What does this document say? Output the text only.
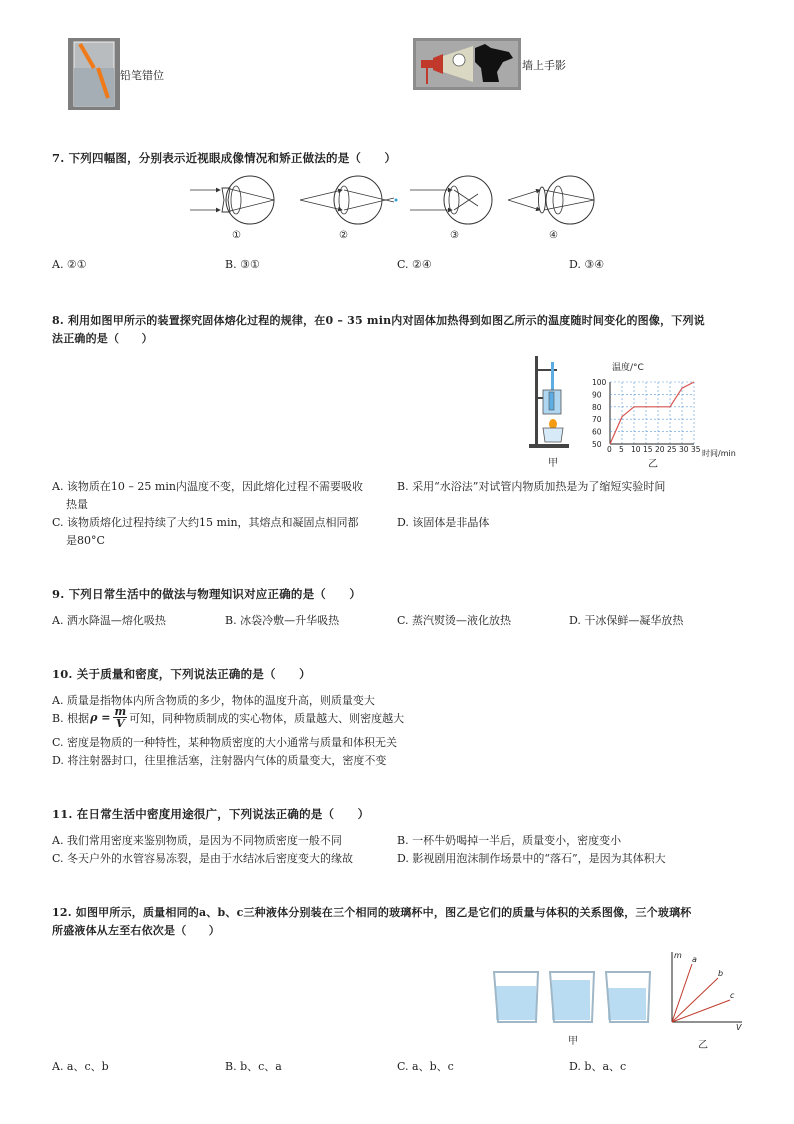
铅笔错位
墙上手影
7. 下列四幅图，分别表示近视眼成像情况和矫正做法的是（　　）
①	②	③	④
A. ②①	B. ③①	C. ②④	D. ③④
8. 利用如图甲所示的装置探究固体熔化过程的规律，在0 – 35 min内对固体加热得到如图乙所示的温度随时间变化的图像，下列说
法正确的是（　　）
甲
温度/°C
时间/min
0 5 10 15 20 25 30 35
50
60
70
80
90
100
乙
A. 该物质在10 – 25 min内温度不变，因此熔化过程不需要吸收
热量
B. 采用“水浴法”对试管内物质加热是为了缩短实验时间
C. 该物质熔化过程持续了大约15 min，其熔点和凝固点相同都
是80°C
D. 该固体是非晶体
9. 下列日常生活中的做法与物理知识对应正确的是（　　）
A. 洒水降温—熔化吸热	B. 冰袋冷敷—升华吸热	C. 蒸汽熨烫—液化放热	D. 干冰保鲜—凝华放热
10. 关于质量和密度，下列说法正确的是（　　）
A. 质量是指物体内所含物质的多少，物体的温度升高，则质量变大
B. 根据 $\rho = \frac{m}{V}$ 可知，同种物质制成的实心物体，质量越大、则密度越大
C. 密度是物质的一种特性，某种物质密度的大小通常与质量和体积无关
D. 将注射器封口，往里推活塞，注射器内气体的质量变大，密度不变
11. 在日常生活中密度用途很广，下列说法正确的是（　　）
A. 我们常用密度来鉴别物质，是因为不同物质密度一般不同	B. 一杯牛奶喝掉一半后，质量变小，密度变小
C. 冬天户外的水管容易冻裂，是由于水结冰后密度变大的缘故	D. 影视剧用泡沫制作场景中的“落石”，是因为其体积大
12. 如图甲所示，质量相同的a、b、c三种液体分别装在三个相同的玻璃杯中，图乙是它们的质量与体积的关系图像，三个玻璃杯
所盛液体从左至右依次是（　　）
甲
m
V
a
b
c
乙
A. a、c、b	B. b、c、a	C. a、b、c	D. b、a、c
